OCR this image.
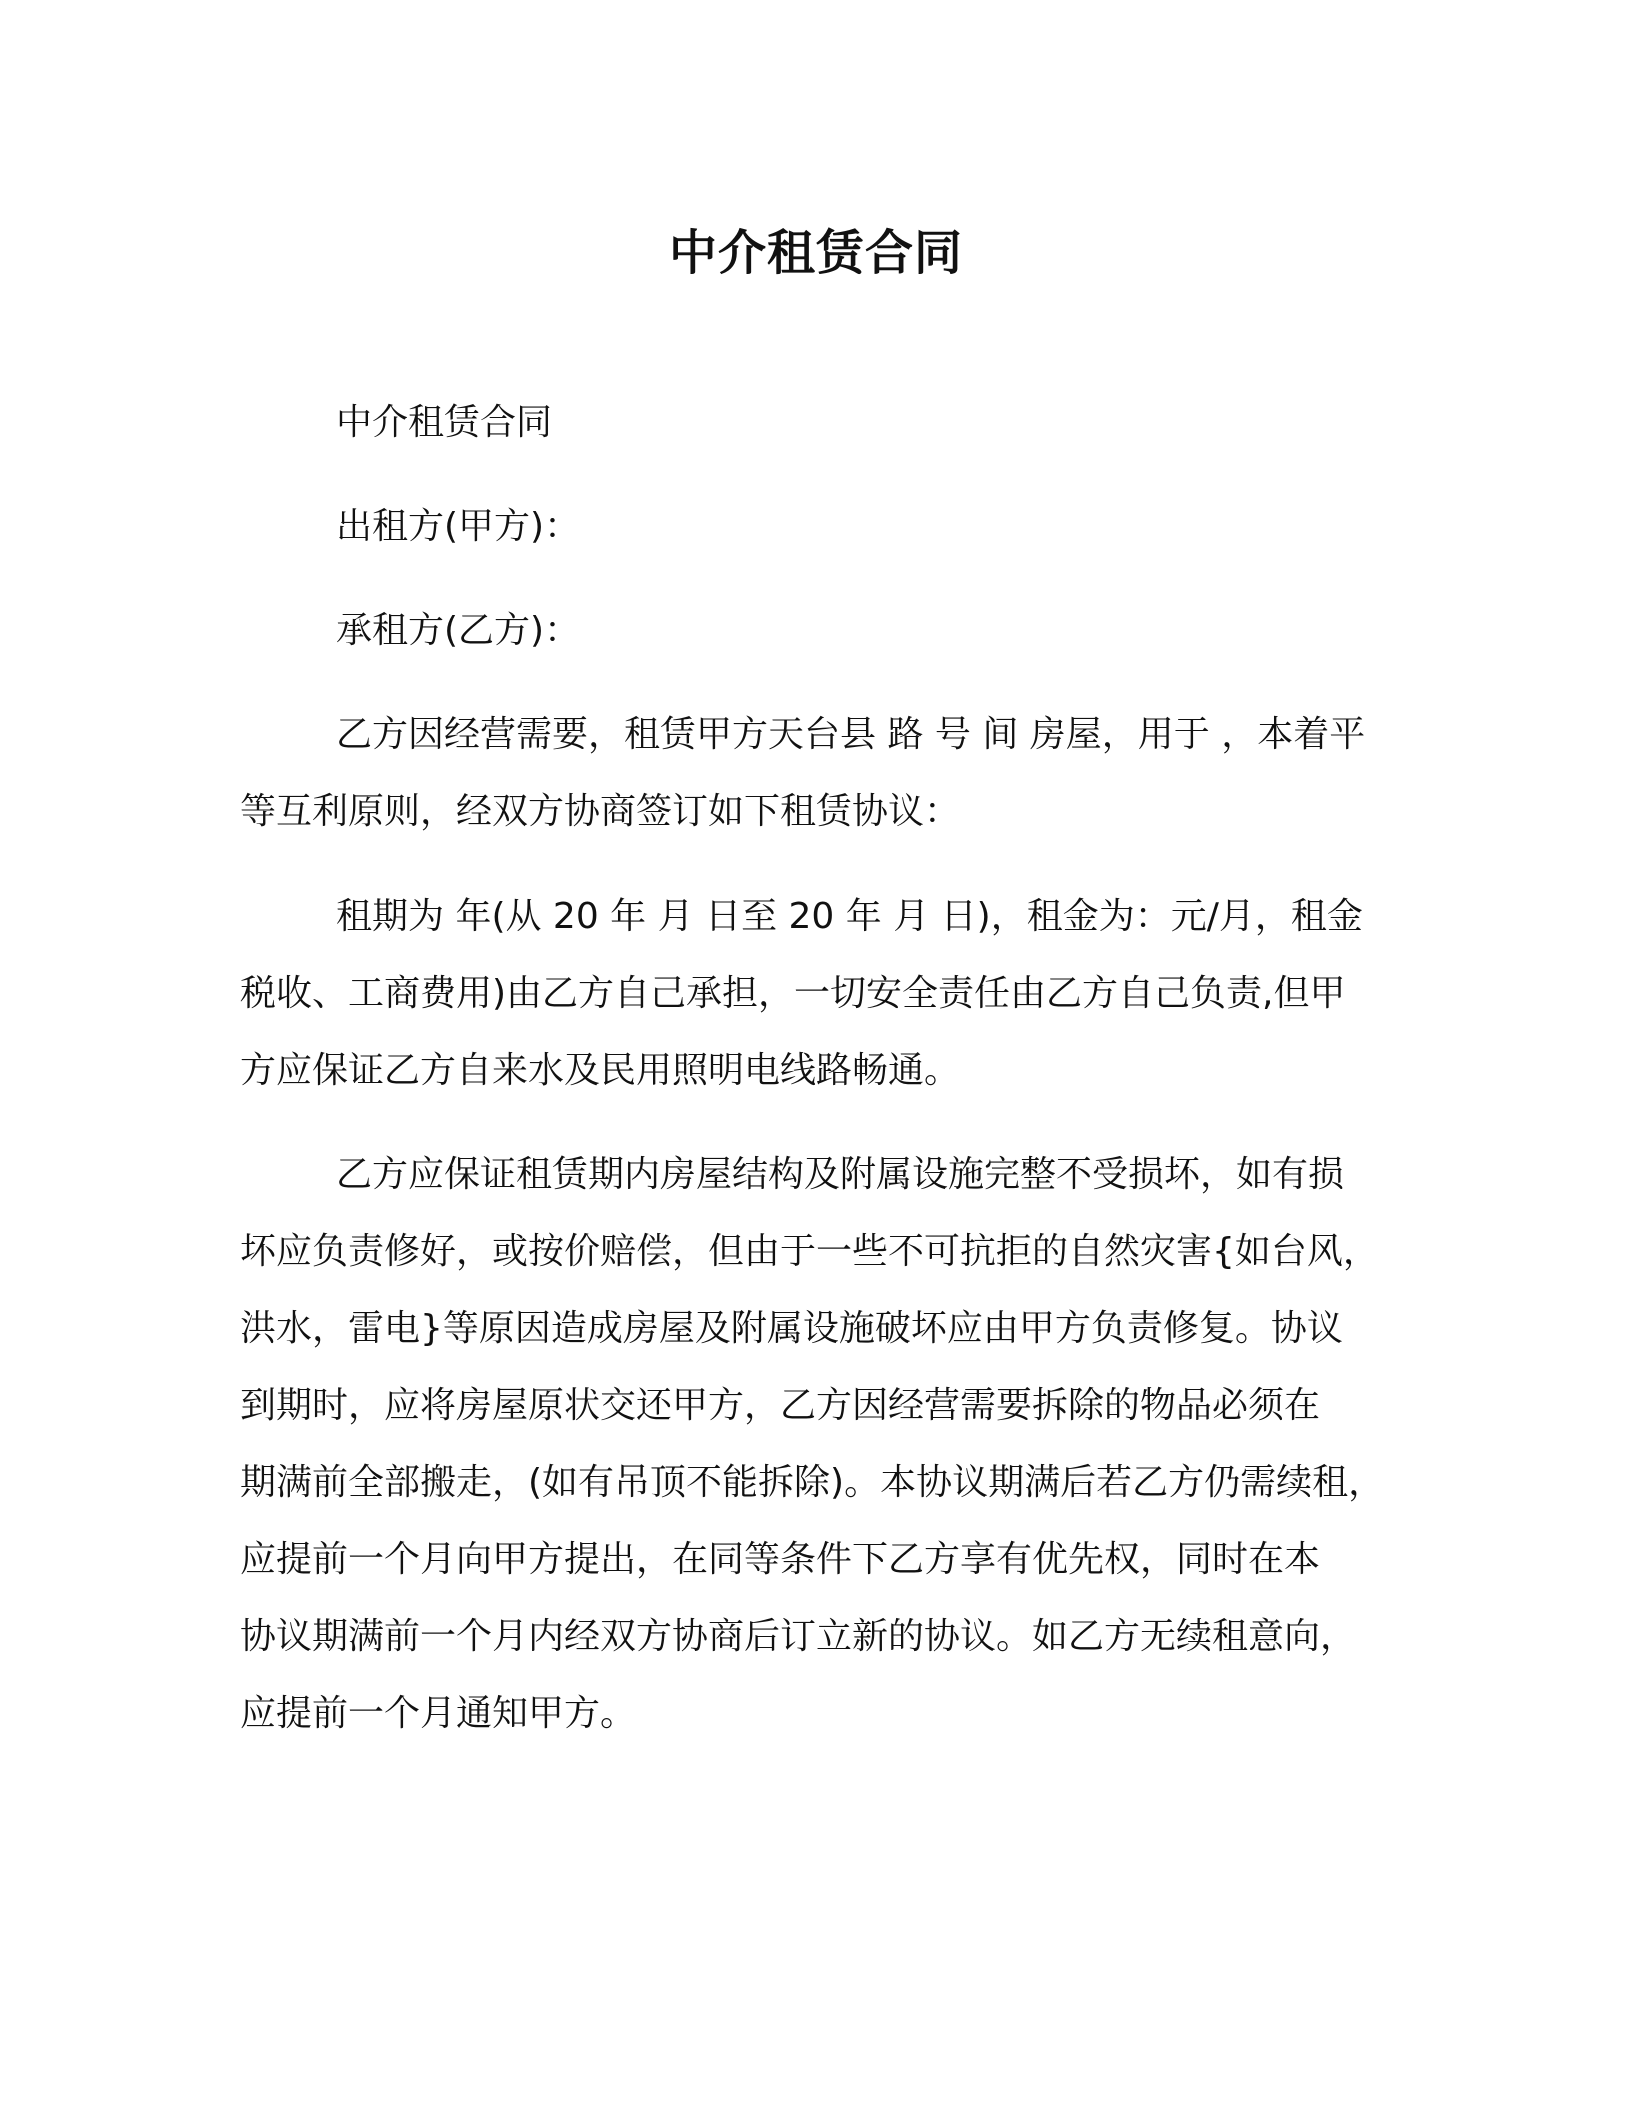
中介租赁合同

中介租赁合同

出租方(甲方)：

承租方(乙方)：

乙方因经营需要，租赁甲方天台县 路 号 间 房屋，用于 ，本着平
等互利原则，经双方协商签订如下租赁协议：

租期为 年(从 20 年 月 日至 20 年 月 日)，租金为：元/月，租金
税收、工商费用)由乙方自己承担，一切安全责任由乙方自己负责,但甲
方应保证乙方自来水及民用照明电线路畅通。

乙方应保证租赁期内房屋结构及附属设施完整不受损坏，如有损
坏应负责修好，或按价赔偿，但由于一些不可抗拒的自然灾害{如台风，
洪水，雷电}等原因造成房屋及附属设施破坏应由甲方负责修复。协议
到期时，应将房屋原状交还甲方，乙方因经营需要拆除的物品必须在
期满前全部搬走，(如有吊顶不能拆除)。本协议期满后若乙方仍需续租，
应提前一个月向甲方提出，在同等条件下乙方享有优先权，同时在本
协议期满前一个月内经双方协商后订立新的协议。如乙方无续租意向，
应提前一个月通知甲方。
